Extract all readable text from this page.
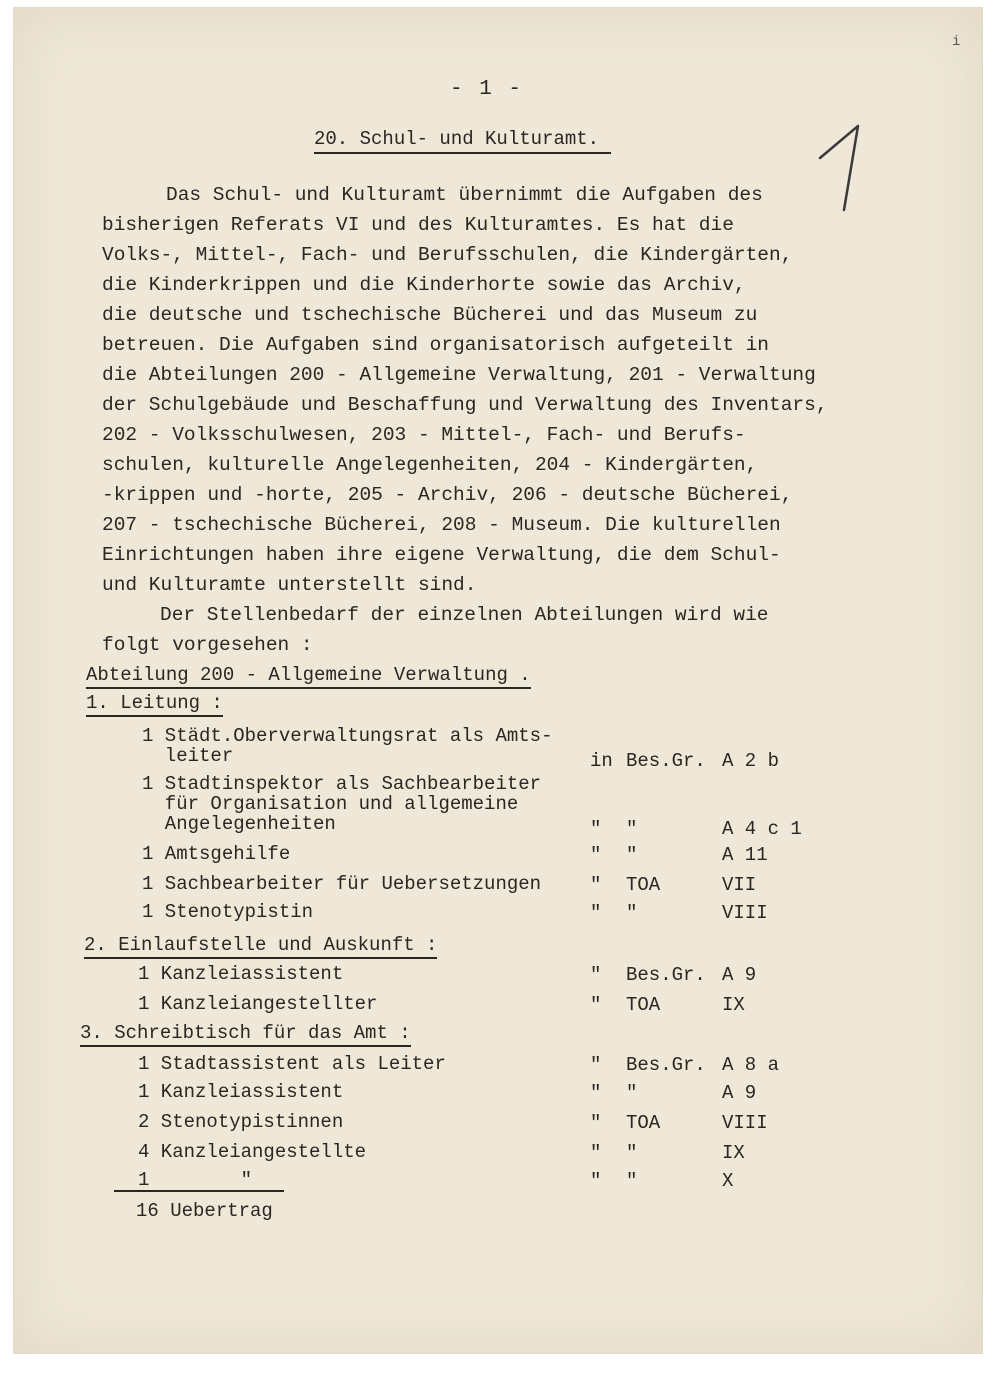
i
- 1 -
20. Schul- und Kulturamt.
Das Schul- und Kulturamt übernimmt die Aufgaben des
bisherigen Referats VI und des Kulturamtes. Es hat die
Volks-, Mittel-, Fach- und Berufsschulen, die Kindergärten,
die Kinderkrippen und die Kinderhorte sowie das Archiv,
die deutsche und tschechische Bücherei und das Museum zu
betreuen. Die Aufgaben sind organisatorisch aufgeteilt in
die Abteilungen 200 - Allgemeine Verwaltung, 201 - Verwaltung
der Schulgebäude und Beschaffung und Verwaltung des Inventars,
202 - Volksschulwesen, 203 - Mittel-, Fach- und Berufs-
schulen, kulturelle Angelegenheiten, 204 - Kindergärten,
-krippen und -horte, 205 - Archiv, 206 - deutsche Bücherei,
207 - tschechische Bücherei, 208 - Museum. Die kulturellen
Einrichtungen haben ihre eigene Verwaltung, die dem Schul-
und Kulturamte unterstellt sind.
Der Stellenbedarf der einzelnen Abteilungen wird wie
folgt vorgesehen :
Abteilung 200 - Allgemeine Verwaltung .
1. Leitung :
1 Städt.Oberverwaltungsrat als Amts-
leiter	in Bes.Gr. A 2 b
1 Stadtinspektor als Sachbearbeiter
für Organisation und allgemeine
Angelegenheiten	" "	A 4 c 1
1 Amtsgehilfe	" "	A 11
1 Sachbearbeiter für Uebersetzungen	" TOA	VII
1 Stenotypistin	" "	VIII
2. Einlaufstelle und Auskunft :
1 Kanzleiassistent	" Bes.Gr. A 9
1 Kanzleiangestellter	" TOA	IX
3. Schreibtisch für das Amt :
1 Stadtassistent als Leiter	" Bes.Gr. A 8 a
1 Kanzleiassistent	" "	A 9
2 Stenotypistinnen	" TOA	VIII
4 Kanzleiangestellte	" "	IX
1        "	" "	X
16 Uebertrag
